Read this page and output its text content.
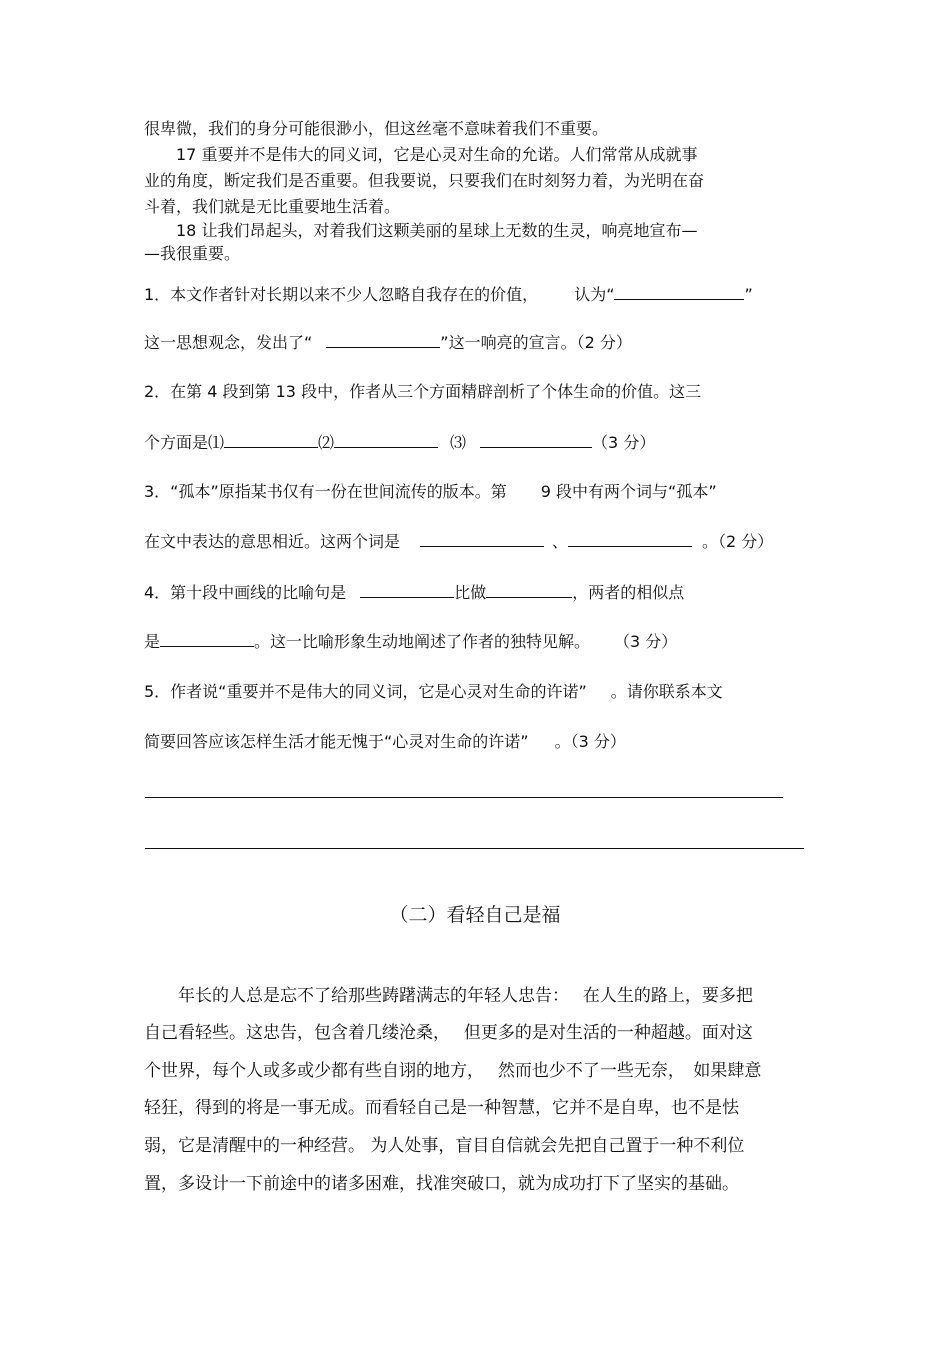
很卑微，我们的身分可能很渺小，但这丝毫不意味着我们不重要。
　　17 重要并不是伟大的同义词，它是心灵对生命的允诺。人们常常从成就事
业的角度，断定我们是否重要。但我要说，只要我们在时刻努力着，为光明在奋
斗着，我们就是无比重要地生活着。
　　18 让我们昂起头，对着我们这颗美丽的星球上无数的生灵，响亮地宣布—
—我很重要。
1．本文作者针对长期以来不少人忽略自我存在的价值， 认为“	”
这一思想观念，发出了“	”这一响亮的宣言。（2 分）
2．在第 4 段到第 13 段中，作者从三个方面精辟剖析了个体生命的价值。这三
个方面是⑴	⑵	⑶	（3 分）
3．“孤本”原指某书仅有一份在世间流传的版本。第 9 段中有两个词与“孤本”
在文中表达的意思相近。这两个词是	、	。（2 分）
4．第十段中画线的比喻句是	比做	，两者的相似点
是	。这一比喻形象生动地阐述了作者的独特见解。 （3 分）
5．作者说“重要并不是伟大的同义词，它是心灵对生命的许诺” 。请你联系本文
简要回答应该怎样生活才能无愧于“心灵对生命的许诺” 。（3 分）
（二）看轻自己是福
　　年长的人总是忘不了给那些踌躇满志的年轻人忠告：　 在人生的路上，要多把
自己看轻些。这忠告，包含着几缕沧桑，　 但更多的是对生活的一种超越。面对这
个世界，每个人或多或少都有些自诩的地方，　 然而也少不了一些无奈，　如果肆意
轻狂，得到的将是一事无成。而看轻自己是一种智慧，它并不是自卑，也不是怯
弱，它是清醒中的一种经营。 为人处事，盲目自信就会先把自己置于一种不利位
置，多设计一下前途中的诸多困难，找准突破口，就为成功打下了坚实的基础。
